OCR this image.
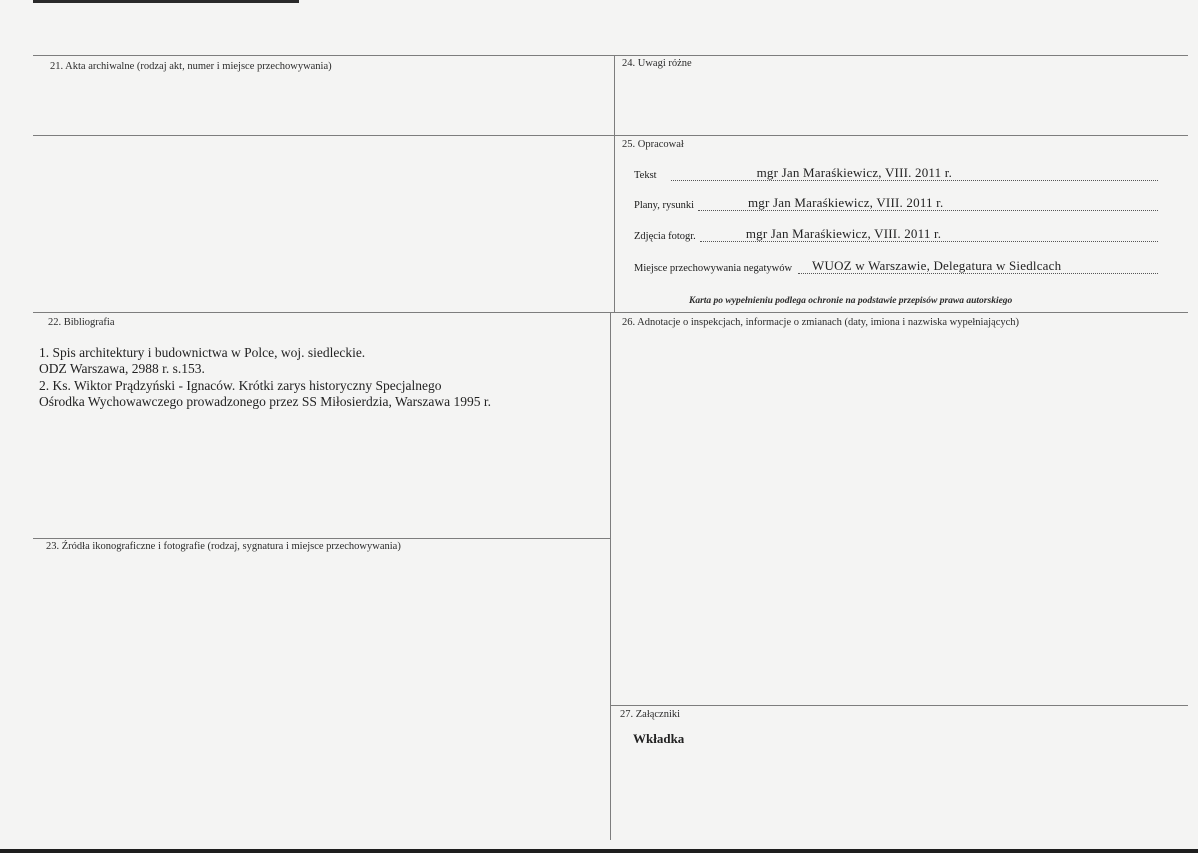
21. Akta archiwalne (rodzaj akt, numer i miejsce przechowywania)	24. Uwagi różne
25. Opracował
22. Bibliografia	26. Adnotacje o inspekcjach, informacje o zmianach (daty, imiona i nazwiska wypełniających)
23. Źródła ikonograficzne i fotografie (rodzaj, sygnatura i miejsce przechowywania)
27. Załączniki
Tekst	mgr Jan Maraśkiewicz, VIII. 2011 r.
Plany, rysunki	mgr Jan Maraśkiewicz, VIII. 2011 r.
Zdjęcia fotogr.	mgr Jan Maraśkiewicz, VIII. 2011 r.
Miejsce przechowywania negatywów WUOZ w Warszawie, Delegatura w Siedlcach
Karta po wypełnieniu podlega ochronie na podstawie przepisów prawa autorskiego
1. Spis architektury i budownictwa w Polce, woj. siedleckie.
ODZ Warszawa, 2988 r. s.153.
2. Ks. Wiktor Prądzyński - Ignaców. Krótki zarys historyczny Specjalnego
Ośrodka Wychowawczego prowadzonego przez SS Miłosierdzia, Warszawa 1995 r.
Wkładka
